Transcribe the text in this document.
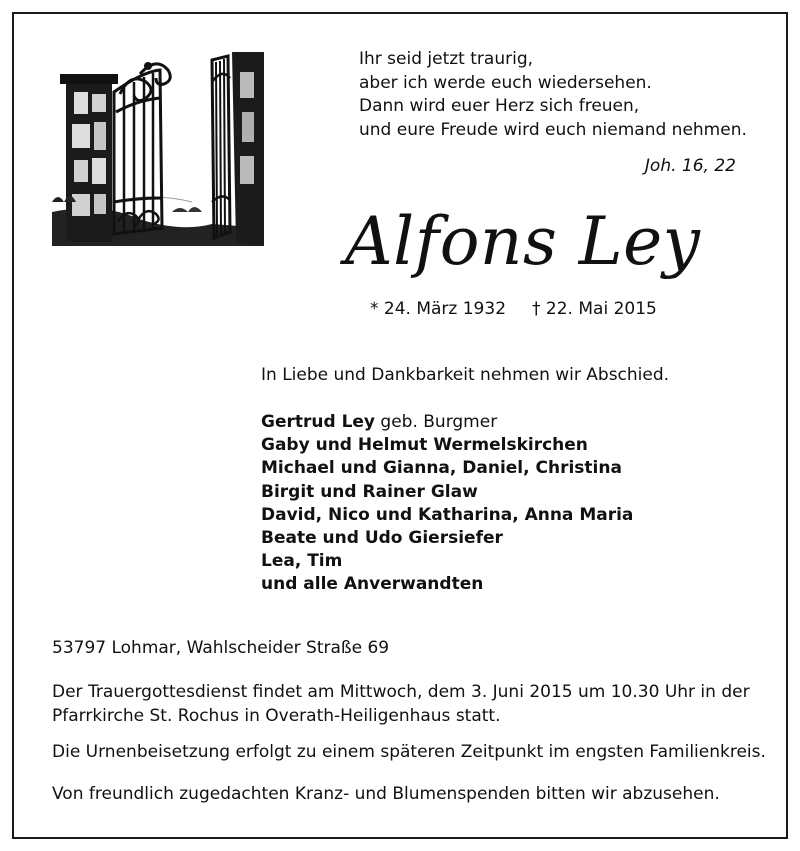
Ihr seid jetzt traurig,
aber ich werde euch wiedersehen.
Dann wird euer Herz sich freuen,
und eure Freude wird euch niemand nehmen.
Joh. 16, 22
Alfons Ley
* 24. März 1932 † 22. Mai 2015
In Liebe und Dankbarkeit nehmen wir Abschied.
Gertrud Ley geb. Burgmer
Gaby und Helmut Wermelskirchen
Michael und Gianna, Daniel, Christina
Birgit und Rainer Glaw
David, Nico und Katharina, Anna Maria
Beate und Udo Giersiefer
Lea, Tim
und alle Anverwandten
53797 Lohmar, Wahlscheider Straße 69
Der Trauergottesdienst findet am Mittwoch, dem 3. Juni 2015 um 10.30 Uhr in der
Pfarrkirche St. Rochus in Overath-Heiligenhaus statt.
Die Urnenbeisetzung erfolgt zu einem späteren Zeitpunkt im engsten Familienkreis.
Von freundlich zugedachten Kranz- und Blumenspenden bitten wir abzusehen.
